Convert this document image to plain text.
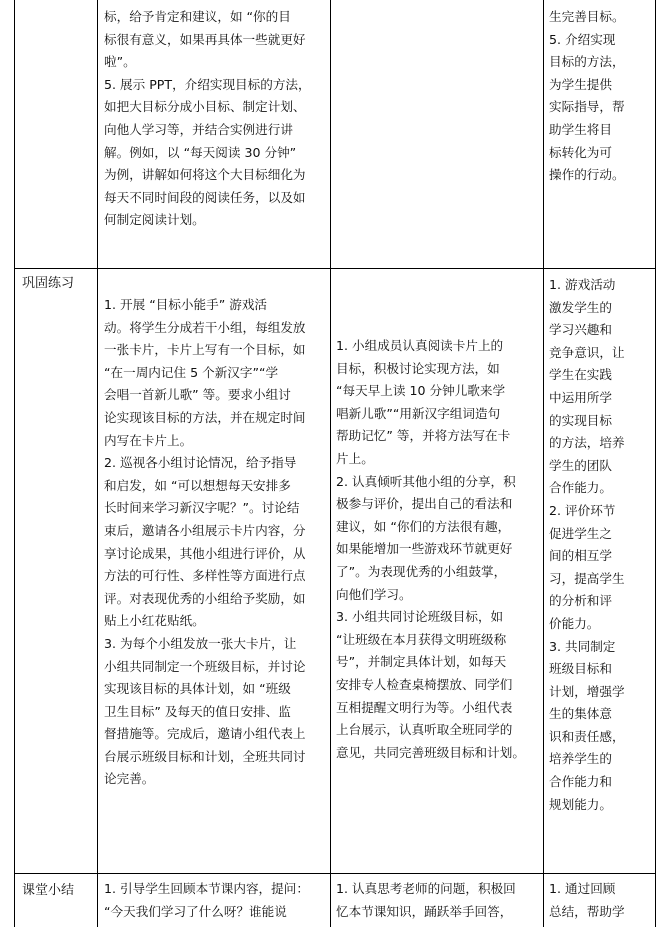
标，给予肯定和建议，如 “你的目
标很有意义，如果再具体一些就更好
啦”。
5. 展示 PPT，介绍实现目标的方法，
如把大目标分成小目标、制定计划、
向他人学习等，并结合实例进行讲
解。例如，以 “每天阅读 30 分钟”
为例，讲解如何将这个大目标细化为
每天不同时间段的阅读任务，以及如
何制定阅读计划。
生完善目标。
5. 介绍实现
目标的方法，
为学生提供
实际指导，帮
助学生将目
标转化为可
操作的行动。
巩固练习
1. 开展 “目标小能手” 游戏活
动。将学生分成若干小组，每组发放
一张卡片，卡片上写有一个目标，如
“在一周内记住 5 个新汉字”“学
会唱一首新儿歌” 等。要求小组讨
论实现该目标的方法，并在规定时间
内写在卡片上。
2. 巡视各小组讨论情况，给予指导
和启发，如 “可以想想每天安排多
长时间来学习新汉字呢？”。讨论结
束后，邀请各小组展示卡片内容，分
享讨论成果，其他小组进行评价，从
方法的可行性、多样性等方面进行点
评。对表现优秀的小组给予奖励，如
贴上小红花贴纸。
3. 为每个小组发放一张大卡片，让
小组共同制定一个班级目标，并讨论
实现该目标的具体计划，如 “班级
卫生目标” 及每天的值日安排、监
督措施等。完成后，邀请小组代表上
台展示班级目标和计划，全班共同讨
论完善。
1. 小组成员认真阅读卡片上的
目标，积极讨论实现方法，如
“每天早上读 10 分钟儿歌来学
唱新儿歌”“用新汉字组词造句
帮助记忆” 等，并将方法写在卡
片上。
2. 认真倾听其他小组的分享，积
极参与评价，提出自己的看法和
建议，如 “你们的方法很有趣，
如果能增加一些游戏环节就更好
了”。为表现优秀的小组鼓掌，
向他们学习。
3. 小组共同讨论班级目标，如
“让班级在本月获得文明班级称
号”，并制定具体计划，如每天
安排专人检查桌椅摆放、同学们
互相提醒文明行为等。小组代表
上台展示，认真听取全班同学的
意见，共同完善班级目标和计划。
1. 游戏活动
激发学生的
学习兴趣和
竞争意识，让
学生在实践
中运用所学
的实现目标
的方法，培养
学生的团队
合作能力。
2. 评价环节
促进学生之
间的相互学
习，提高学生
的分析和评
价能力。
3. 共同制定
班级目标和
计划，增强学
生的集体意
识和责任感，
培养学生的
合作能力和
规划能力。
课堂小结	1. 引导学生回顾本节课内容，提问：
“今天我们学习了什么呀？谁能说
1. 认真思考老师的问题，积极回
忆本节课知识，踊跃举手回答，
1. 通过回顾
总结，帮助学
